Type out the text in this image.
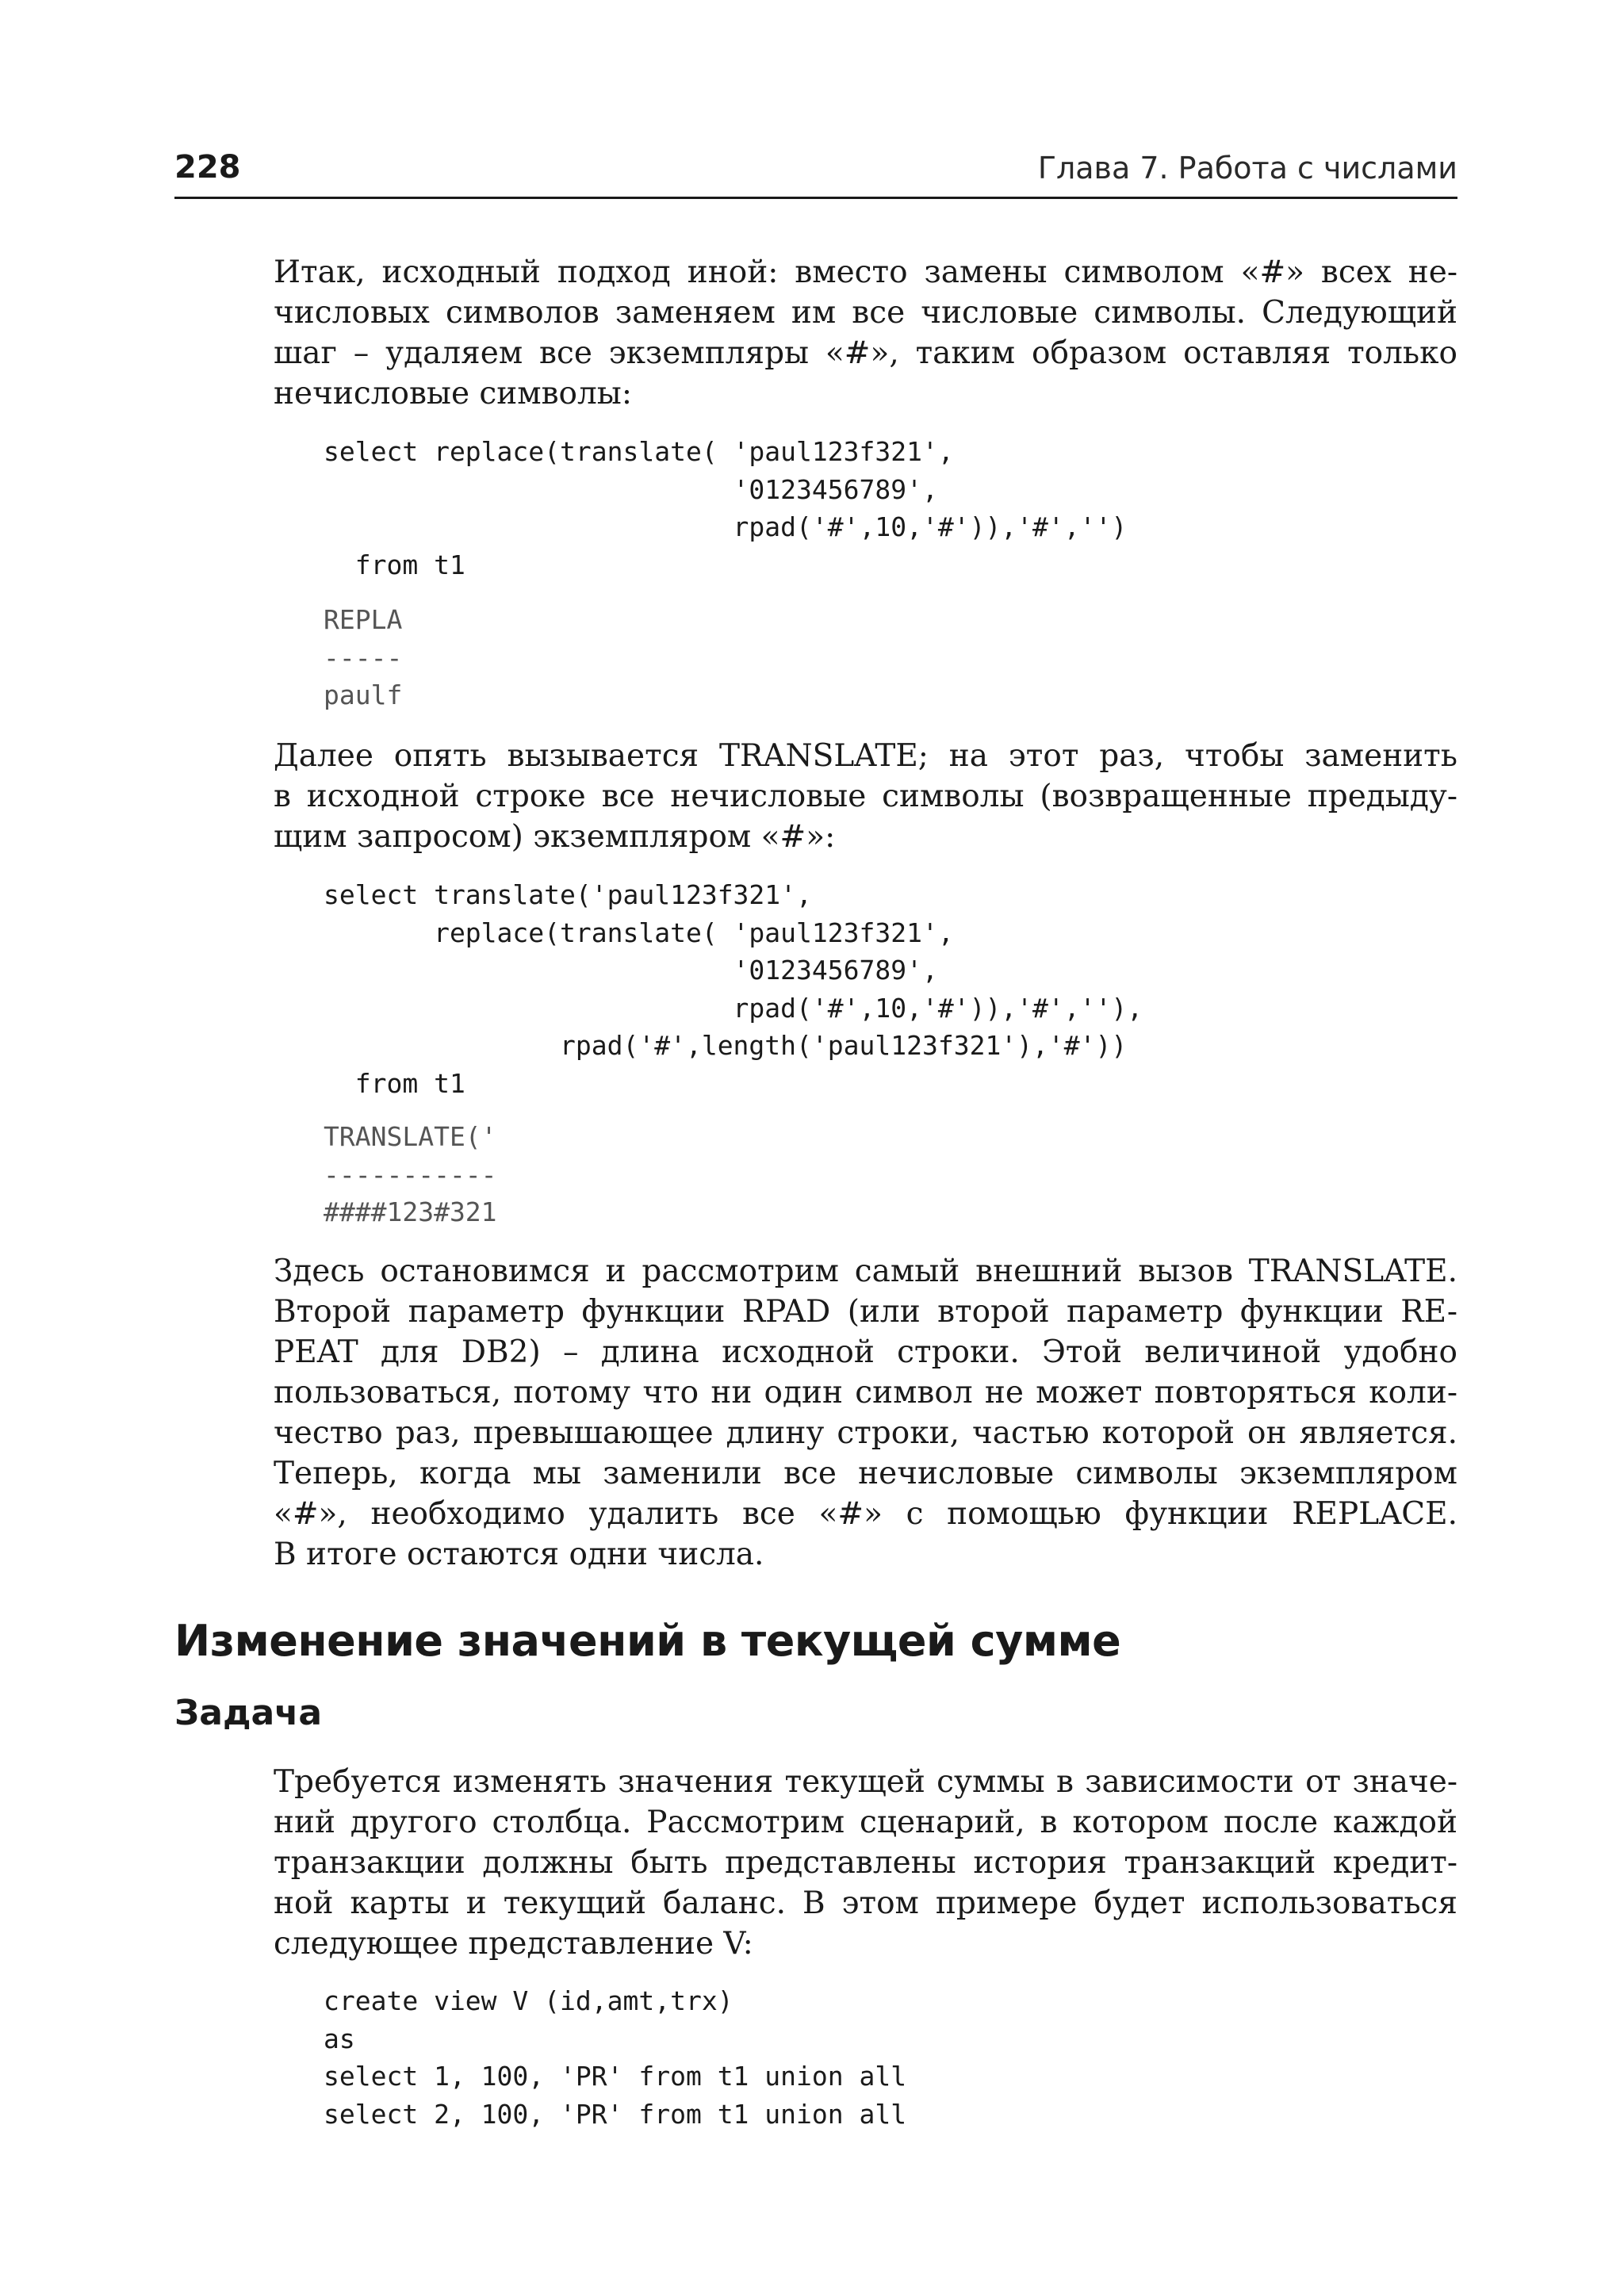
228	Глава 7. Работа с числами
Итак, исходный подход иной: вместо замены символом «#» всех не-
числовых символов заменяем им все числовые символы. Следующий
шаг – удаляем все экземпляры «#», таким образом оставляя только
нечисловые символы:
select replace(translate( 'paul123f321',
'0123456789',
rpad('#',10,'#')),'#','')
from t1
REPLA
-----
paulf
Далее опять вызывается TRANSLATE; на этот раз, чтобы заменить
в исходной строке все нечисловые символы (возвращенные предыду-
щим запросом) экземпляром «#»:
select translate('paul123f321',
replace(translate( 'paul123f321',
'0123456789',
rpad('#',10,'#')),'#',''),
rpad('#',length('paul123f321'),'#'))
from t1
TRANSLATE('
-----------
####123#321
Здесь остановимся и рассмотрим самый внешний вызов TRANSLATE.
Второй параметр функции RPAD (или второй параметр функции RE-
PEAT для DB2) – длина исходной строки. Этой величиной удобно
пользоваться, потому что ни один символ не может повторяться коли-
чество раз, превышающее длину строки, частью которой он является.
Теперь, когда мы заменили все нечисловые символы экземпляром
«#», необходимо удалить все «#» с помощью функции REPLACE.
В итоге остаются одни числа.
Изменение значений в текущей сумме
Задача
Требуется изменять значения текущей суммы в зависимости от значе-
ний другого столбца. Рассмотрим сценарий, в котором после каждой
транзакции должны быть представлены история транзакций кредит-
ной карты и текущий баланс. В этом примере будет использоваться
следующее представление V:
create view V (id,amt,trx)
as
select 1, 100, 'PR' from t1 union all
select 2, 100, 'PR' from t1 union all
